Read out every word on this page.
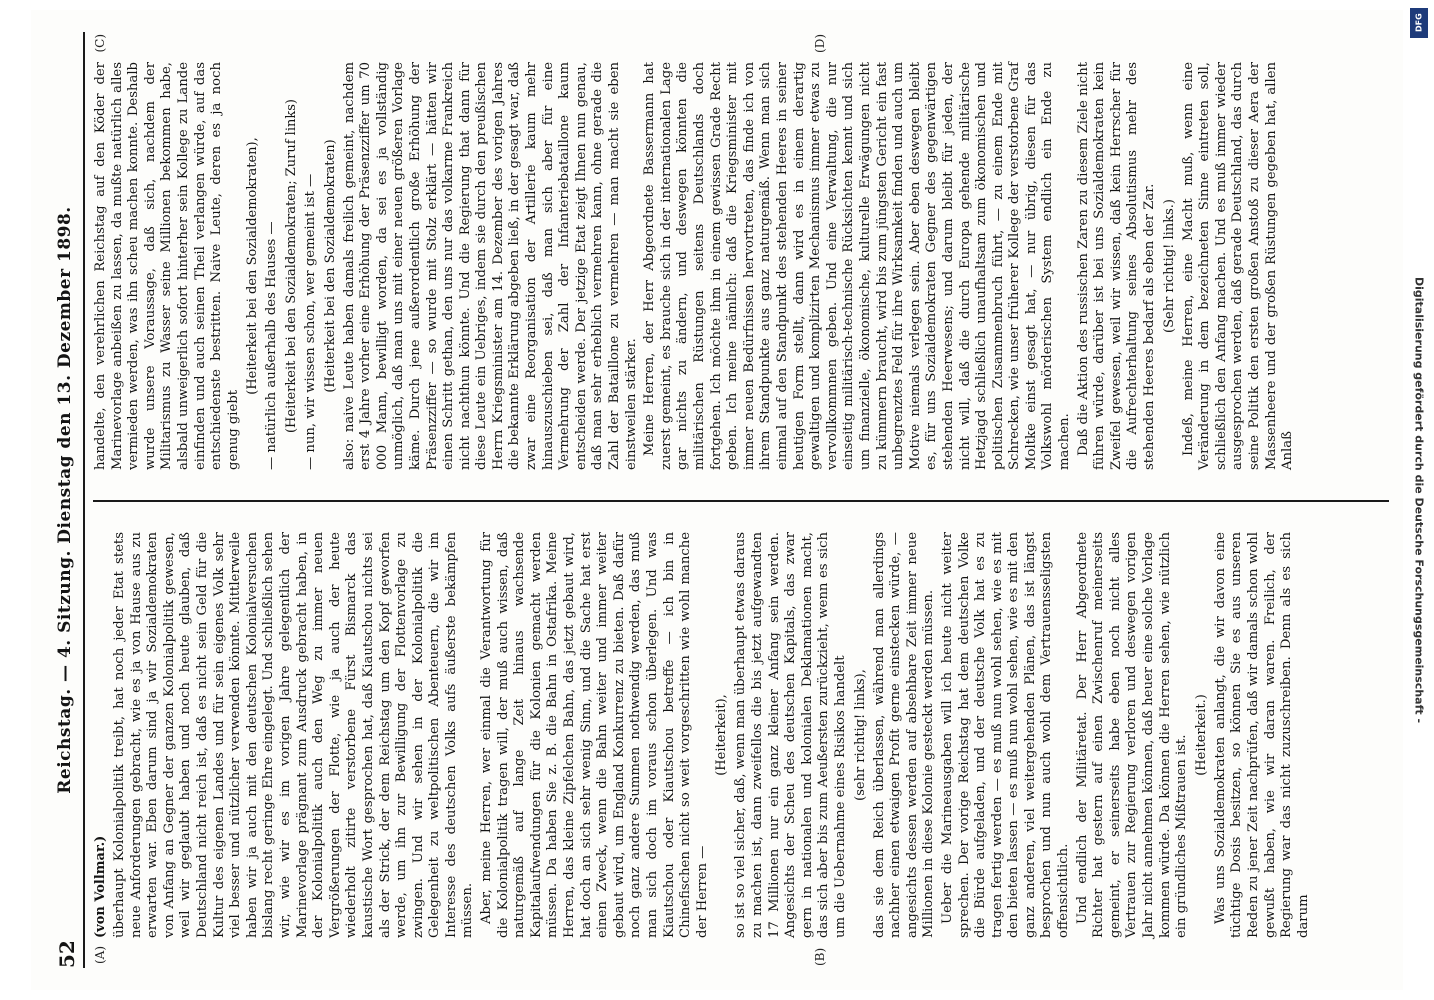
52
Reichstag. — 4. Sitzung. Dienstag den 13. Dezember 1898.
(A)	(B)
(von Vollmar.) überhaupt Kolonialpolitik treibt, hat noch jeder Etat stets neue Anforderungen gebracht, wie es ja von Hause aus zu erwarten war. Eben darum sind ja wir Sozialdemokraten von Anfang an Gegner der ganzen Kolonialpolitik gewesen, weil wir geglaubt haben und noch heute glauben, daß Deutschland nicht reich ist, daß es nicht sein Geld für die Kultur des eigenen Landes und für sein eigenes Volk sehr viel besser und nützlicher verwenden könnte. Mittlerweile haben wir ja auch mit den deutschen Kolonialversuchen bislang recht geringe Ehre eingelegt. Und schließlich sehen wir, wie wir es im vorigen Jahre gelegentlich der Marinevorlage prägnant zum Ausdruck gebracht haben, in der Kolonialpolitik auch den Weg zu immer neuen Vergrößerungen der Flotte, wie ja auch der heute wiederholt zitirte verstorbene Fürst Bismarck das kaustische Wort gesprochen hat, daß Kiautschou nichts sei als der Strick, der dem Reichstag um den Kopf geworfen werde, um ihn zur Bewilligung der Flottenvorlage zu zwingen. Und wir sehen in der Kolonialpolitik die Gelegenheit zu weltpolitischen Abenteuern, die wir im Interesse des deutschen Volks aufs äußerste bekämpfen müssen. Aber, meine Herren, wer einmal die Verantwortung für die Kolonialpolitik tragen will, der muß auch wissen, daß naturgemäß auf lange Zeit hinaus wachsende Kapitalaufwendungen für die Kolonien gemacht werden müssen. Da haben Sie z. B. die Bahn in Ostafrika. Meine Herren, das kleine Zipfelchen Bahn, das jetzt gebaut wird, hat doch an sich sehr wenig Sinn, und die Sache hat erst einen Zweck, wenn die Bahn weiter und immer weiter gebaut wird, um England Konkurrenz zu bieten. Daß dafür noch ganz andere Summen nothwendig werden, das muß man sich doch im voraus schon überlegen. Und was Kiautschou oder Kiautschou betreffe — ich bin in Chinefischen nicht so weit vorgeschritten wie wohl manche der Herren —

(Heiterkeit), so ist so viel sicher, daß, wenn man überhaupt etwas daraus zu machen ist, dann zweifellos die bis jetzt aufgewandten 17 Millionen nur ein ganz kleiner Anfang sein werden. Angesichts der Scheu des deutschen Kapitals, das zwar gern in nationalen und kolonialen Deklamationen macht, das sich aber bis zum Aeußersten zurückzieht, wenn es sich um die Uebernahme eines Risikos handelt (sehr richtig! links), das sie dem Reich überlassen, während man allerdings nachher einen etwaigen Profit gerne einstecken würde, — angesichts dessen werden auf absehbare Zeit immer neue Millionen in diese Kolonie gesteckt werden müssen. Ueber die Marineausgaben will ich heute nicht weiter sprechen. Der vorige Reichstag hat dem deutschen Volke die Bürde aufgeladen, und der deutsche Volk hat es zu tragen fertig werden — es muß nun wohl sehen, wie es mit den bieten lassen — es muß nun wohl sehen, wie es mit den ganz anderen, viel weitergehenden Plänen, das ist längst besprochen und nun auch wohl dem Vertrauensseligsten offensichtlich. Und endlich der Militäretat. Der Herr Abgeordnete Richter hat gestern auf einen Zwischenruf meinerseits gemeint, er seinerseits habe eben noch nicht alles Vertrauen zur Regierung verloren und deswegen vorigen Jahr nicht annehmen können, daß heuer eine solche Vorlage kommen würde. Da können die Herren sehen, wie nützlich ein gründliches Mißtrauen ist. (Heiterkeit.) Was uns Sozialdemokraten anlangt, die wir davon eine tüchtige Dosis besitzen, so können Sie es aus unseren Reden zu jener Zeit nachprüfen, daß wir damals schon wohl gewußt haben, wie wir daran waren. Freilich, der Regierung war das nicht zuzuschreiben. Denn als es sich darum

(C)	(D)

handelte, den verehrlichen Reichstag auf den Köder der Marinevorlage anbeißen zu lassen, da mußte natürlich alles vermieden werden, was ihn scheu machen konnte. Deshalb wurde unsere Voraussage, daß sich, nachdem der Militarismus zu Wasser seine Millionen bekommen habe, alsbald unweigerlich sofort hinterher sein Kollege zu Lande einfinden und auch seinen Theil verlangen würde, auf das entschiedenste bestritten. Naive Leute, deren es ja noch genug giebt

(Heiterkeit bei den Sozialdemokraten), — natürlich außerhalb des Hauses — (Heiterkeit bei den Sozialdemokraten; Zuruf links) — nun, wir wissen schon, wer gemeint ist — (Heiterkeit bei den Sozialdemokraten) also: naive Leute haben damals freilich gemeint, nachdem erst 4 Jahre vorher eine Erhöhung der Präsenzziffer um 70 000 Mann, bewilligt worden, da sei es ja vollständig unmöglich, daß man uns mit einer neuen größeren Vorlage käme. Durch jene außerordentlich große Erhöhung der Präsenzziffer — so wurde mit Stolz erklärt — hätten wir einen Schritt gethan, den uns nur das volkarme Frankreich nicht nachthun könnte. Und die Regierung that dann für diese Leute ein Uebriges, indem sie durch den preußischen Herrn Kriegsminister am 14. Dezember des vorigen Jahres die bekannte Erklärung abgeben ließ, in der gesagt war, daß zwar eine Reorganisation der Artillerie kaum mehr hinauszuschieben sei, daß man sich aber für eine Vermehrung der Zahl der Infanteriebataillone kaum entscheiden werde. Der jetzige Etat zeigt Ihnen nun genau, daß man sehr erheblich vermehren kann, ohne gerade die Zahl der Bataillone zu vermehren — man macht sie eben einstweilen stärker. Meine Herren, der Herr Abgeordnete Bassermann hat zuerst gemeint, es brauche sich in der internationalen Lage gar nichts zu ändern, und deswegen könnten die militärischen Rüstungen seitens Deutschlands doch fortgehen. Ich möchte ihm in einem gewissen Grade Recht geben. Ich meine nämlich: daß die Kriegsminister mit immer neuen Bedürfnissen hervortreten, das finde ich von ihrem Standpunkte aus ganz naturgemäß. Wenn man sich einmal auf den Standpunkt des stehenden Heeres in seiner heutigen Form stellt, dann wird es in einem derartig gewaltigen und komplizirten Mechanismus immer etwas zu vervollkommnen geben. Und eine Verwaltung, die nur einseitig militärisch-technische Rücksichten kennt und sich um finanzielle, ökonomische, kulturelle Erwägungen nicht zu kümmern braucht, wird bis zum jüngsten Gericht ein fast unbegrenztes Feld für ihre Wirksamkeit finden und auch um Motive niemals verlegen sein. Aber eben deswegen bleibt es, für uns Sozialdemokraten Gegner des gegenwärtigen stehenden Heerwesens; und darum bleibt für jeden, der nicht will, daß die durch Europa gehende militärische Hetzjagd schließlich unaufhaltsam zum ökonomischen und politischen Zusammenbruch führt, — zu einem Ende mit Schrecken, wie unser früherer Kollege der verstorbene Graf Moltke einst gesagt hat, — nur übrig, diesen für das Volkswohl mörderischen System endlich ein Ende zu machen. Daß die Aktion des russischen Zaren zu diesem Ziele nicht führen würde, darüber ist bei uns Sozialdemokraten kein Zweifel gewesen, weil wir wissen, daß kein Herrscher für die Aufrechterhaltung seines Absolutismus mehr des stehenden Heeres bedarf als eben der Zar. (Sehr richtig! links.) Indeß, meine Herren, eine Macht muß, wenn eine Veränderung in dem bezeichneten Sinne eintreten soll, schließlich den Anfang machen. Und es muß immer wieder ausgesprochen werden, daß gerade Deutschland, das durch seine Politik den ersten großen Anstoß zu dieser Aera der Massenheere und der großen Rüstungen gegeben hat, allen Anlaß

DFG
Digitalisierung gefördert durch die Deutsche Forschungsgemeinschaft -
